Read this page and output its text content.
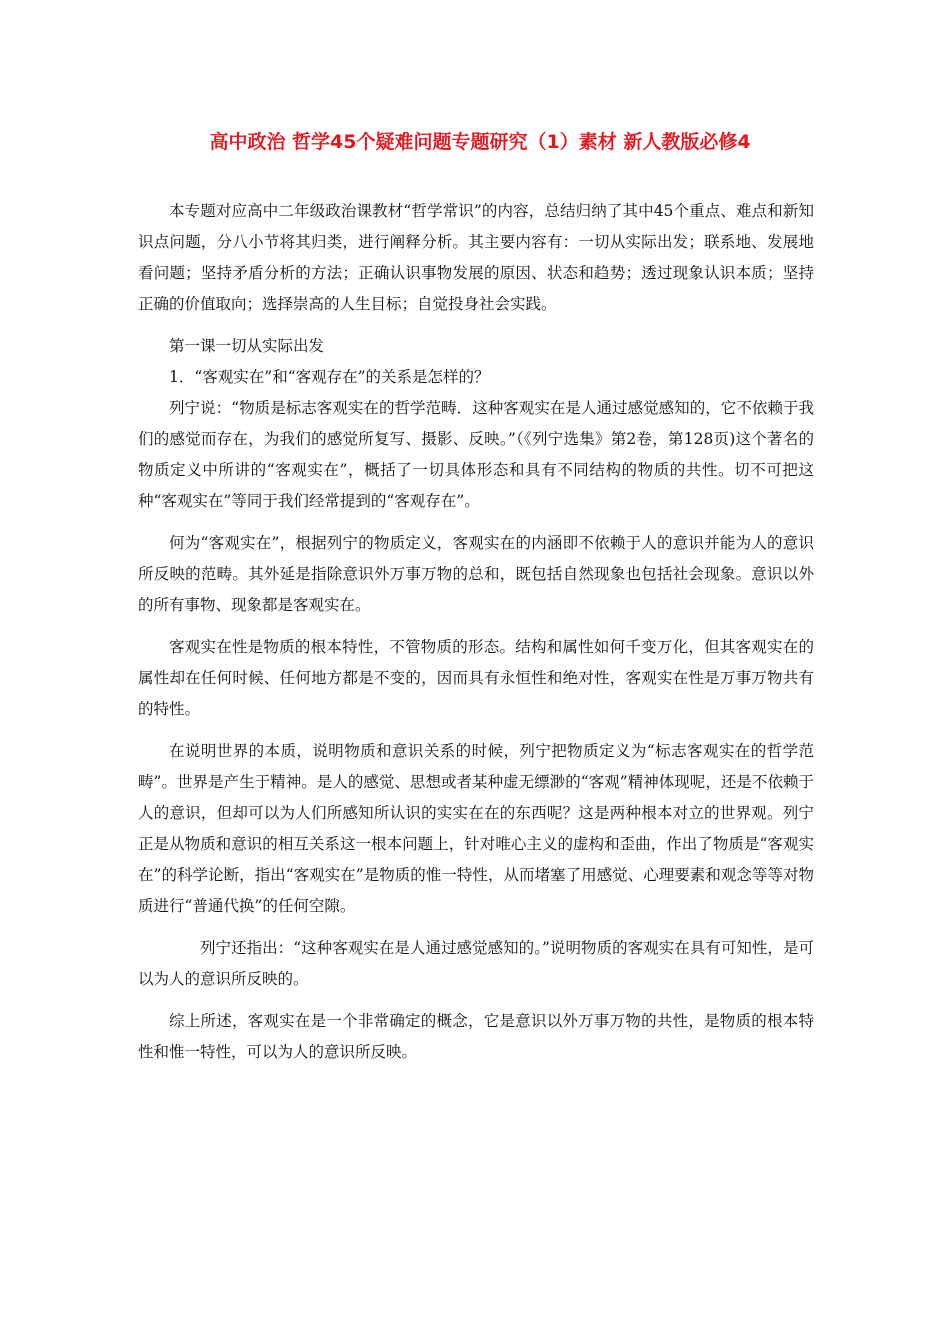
高中政治 哲学45个疑难问题专题研究（1）素材 新人教版必修4

本专题对应高中二年级政治课教材“哲学常识”的内容，总结归纳了其中45个重点、难点和新知识点问题，分八小节将其归类，进行阐释分析。其主要内容有：一切从实际出发；联系地、发展地看问题；坚持矛盾分析的方法；正确认识事物发展的原因、状态和趋势；透过现象认识本质；坚持正确的价值取向；选择崇高的人生目标；自觉投身社会实践。

第一课一切从实际出发

1．“客观实在”和“客观存在”的关系是怎样的？

列宁说：“物质是标志客观实在的哲学范畴．这种客观实在是人通过感觉感知的，它不依赖于我们的感觉而存在，为我们的感觉所复写、摄影、反映。”（《列宁选集》第2卷，第128页)这个著名的物质定义中所讲的“客观实在”，概括了一切具体形态和具有不同结构的物质的共性。切不可把这种“客观实在”等同于我们经常提到的“客观存在”。

何为“客观实在”，根据列宁的物质定义，客观实在的内涵即不依赖于人的意识并能为人的意识所反映的范畴。其外延是指除意识外万事万物的总和，既包括自然现象也包括社会现象。意识以外的所有事物、现象都是客观实在。

客观实在性是物质的根本特性，不管物质的形态。结构和属性如何千变万化，但其客观实在的属性却在任何时候、任何地方都是不变的，因而具有永恒性和绝对性，客观实在性是万事万物共有的特性。

在说明世界的本质，说明物质和意识关系的时候，列宁把物质定义为“标志客观实在的哲学范畴”。世界是产生于精神。是人的感觉、思想或者某种虚无缥渺的“客观”精神体现呢，还是不依赖于人的意识，但却可以为人们所感知所认识的实实在在的东西呢？这是两种根本对立的世界观。列宁正是从物质和意识的相互关系这一根本问题上，针对唯心主义的虚构和歪曲，作出了物质是“客观实在”的科学论断，指出“客观实在”是物质的惟一特性，从而堵塞了用感觉、心理要素和观念等等对物质进行“普通代换”的任何空隙。

列宁还指出：“这种客观实在是人通过感觉感知的。”说明物质的客观实在具有可知性，是可以为人的意识所反映的。

综上所述，客观实在是一个非常确定的概念，它是意识以外万事万物的共性，是物质的根本特性和惟一特性，可以为人的意识所反映。
